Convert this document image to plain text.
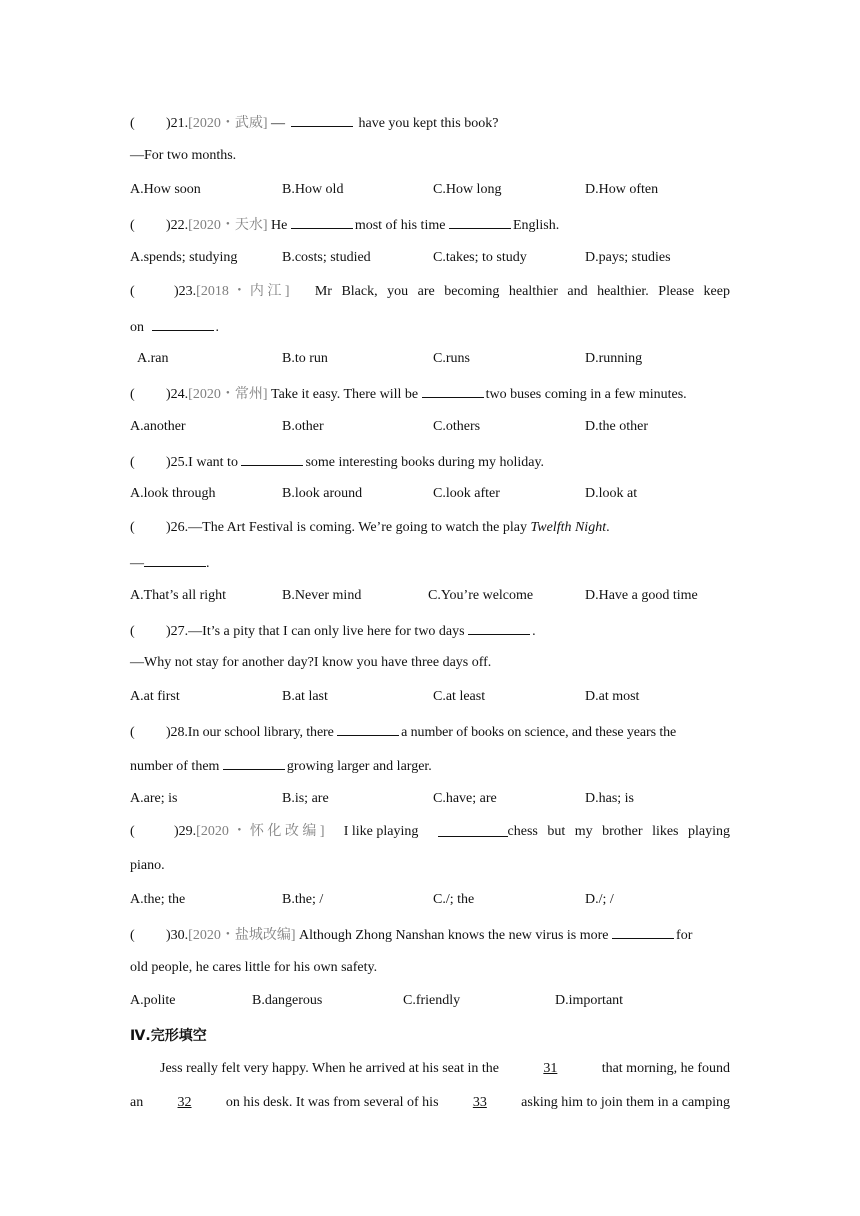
( )21.[2020・武威] —	have you kept this book?
—For two months.
A.How soon	B.How old	C.How long	D.How often
( )22.[2020・天水] He	most of his time	English.
A.spends; studying	B.costs; studied	C.takes; to study	D.pays; studies
(	)23. [2018 ・ 内 江 ] Mr Black, you are becoming healthier and healthier. Please keep
on	.
A.ran	B.to run	C.runs	D.running
( )24.[2020・常州] Take it easy. There will be	two buses coming in a few minutes.
A.another	B.other	C.others	D.the other
( )25.I want to	some interesting books during my holiday.
A.look through	B.look around	C.look after	D.look at
( )26.—The Art Festival is coming. We’re going to watch the play Twelfth Night.
—	.
A.That’s all right	B.Never mind	C.You’re welcome	D.Have a good time
( )27.—It’s a pity that I can only live here for two days	.
—Why not stay for another day?I know you have three days off.
A.at first	B.at last	C.at least	D.at most
( )28.In our school library, there	a number of books on science, and these years the
number of them	growing larger and larger.
A.are; is	B.is; are	C.have; are	D.has; is
(	)29. [2020 ・ 怀 化 改 编 ] I like playing	chess but my brother likes playing
piano.
A.the; the	B.the; /	C./; the	D./; /
( )30.[2020・盐城改编] Although Zhong Nanshan knows the new virus is more	for
old people, he cares little for his own safety.
A.polite	B.dangerous	C.friendly	D.important
Ⅳ.完形填空
Jess really felt very happy. When he arrived at his seat in the	31	that morning, he found
an	32	on his desk. It was from several of his	33	asking him to join them in a camping
